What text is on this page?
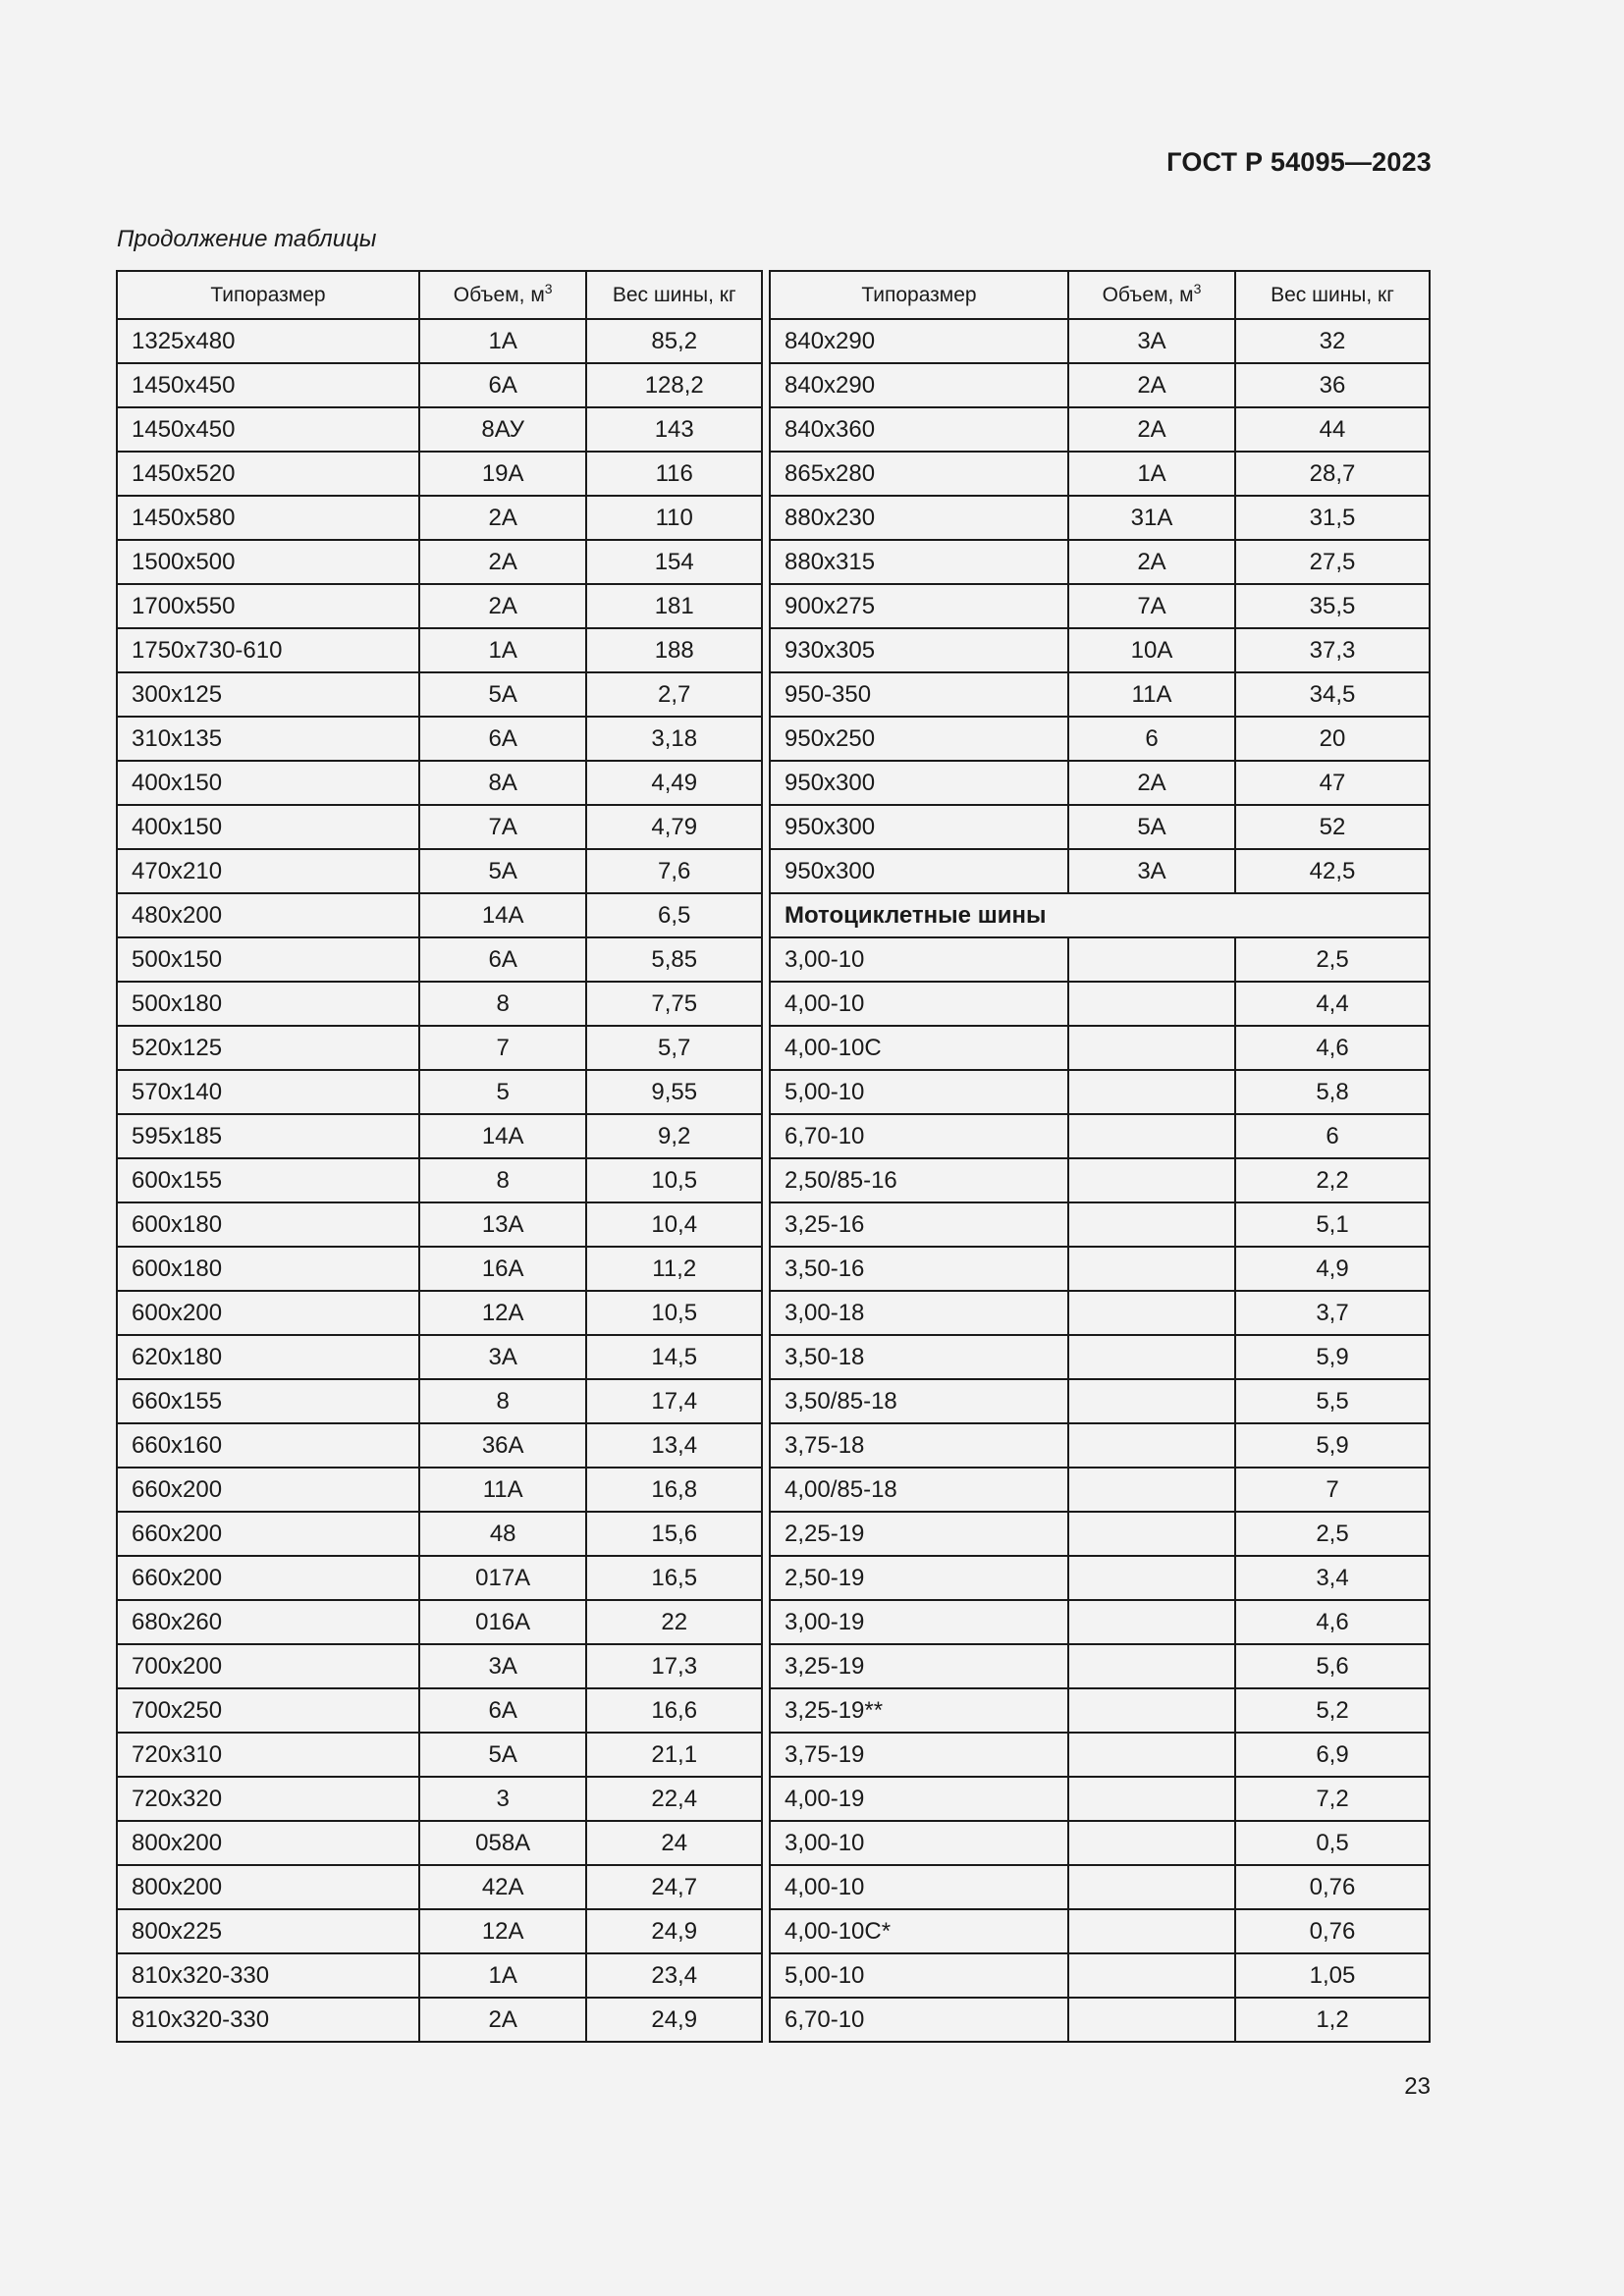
ГОСТ Р 54095—2023
Продолжение таблицы
Типоразмер	Объем, $м^3$	Вес шины, кг
1325х480	1А	85,2
1450х450	6А	128,2
1450х450	8АУ	143
1450х520	19А	116
1450х580	2А	110
1500х500	2А	154
1700х550	2А	181
1750х730-610	1А	188
300х125	5А	2,7
310х135	6А	3,18
400х150	8А	4,49
400х150	7А	4,79
470х210	5А	7,6
480х200	14А	6,5
500х150	6А	5,85
500х180	8	7,75
520х125	7	5,7
570х140	5	9,55
595х185	14А	9,2
600х155	8	10,5
600х180	13А	10,4
600х180	16А	11,2
600х200	12А	10,5
620х180	3А	14,5
660х155	8	17,4
660х160	36А	13,4
660х200	11А	16,8
660х200	48	15,6
660х200	017А	16,5
680х260	016А	22
700х200	3А	17,3
700х250	6А	16,6
720х310	5А	21,1
720х320	3	22,4
800х200	058А	24
800х200	42А	24,7
800х225	12А	24,9
810х320-330	1А	23,4
810х320-330	2А	24,9
Типоразмер	Объем, $м^3$	Вес шины, кг
840х290	3А	32
840х290	2А	36
840х360	2А	44
865х280	1А	28,7
880х230	31А	31,5
880х315	2А	27,5
900х275	7А	35,5
930х305	10А	37,3
950-350	11А	34,5
950х250	6	20
950х300	2А	47
950х300	5А	52
950х300	3А	42,5
Мотоциклетные шины		
3,00-10		2,5
4,00-10		4,4
4,00-10С		4,6
5,00-10		5,8
6,70-10		6
2,50/85-16		2,2
3,25-16		5,1
3,50-16		4,9
3,00-18		3,7
3,50-18		5,9
3,50/85-18		5,5
3,75-18		5,9
4,00/85-18		7
2,25-19		2,5
2,50-19		3,4
3,00-19		4,6
3,25-19		5,6
3,25-19**		5,2
3,75-19		6,9
4,00-19		7,2
3,00-10		0,5
4,00-10		0,76
4,00-10С*		0,76
5,00-10		1,05
6,70-10		1,2
23
